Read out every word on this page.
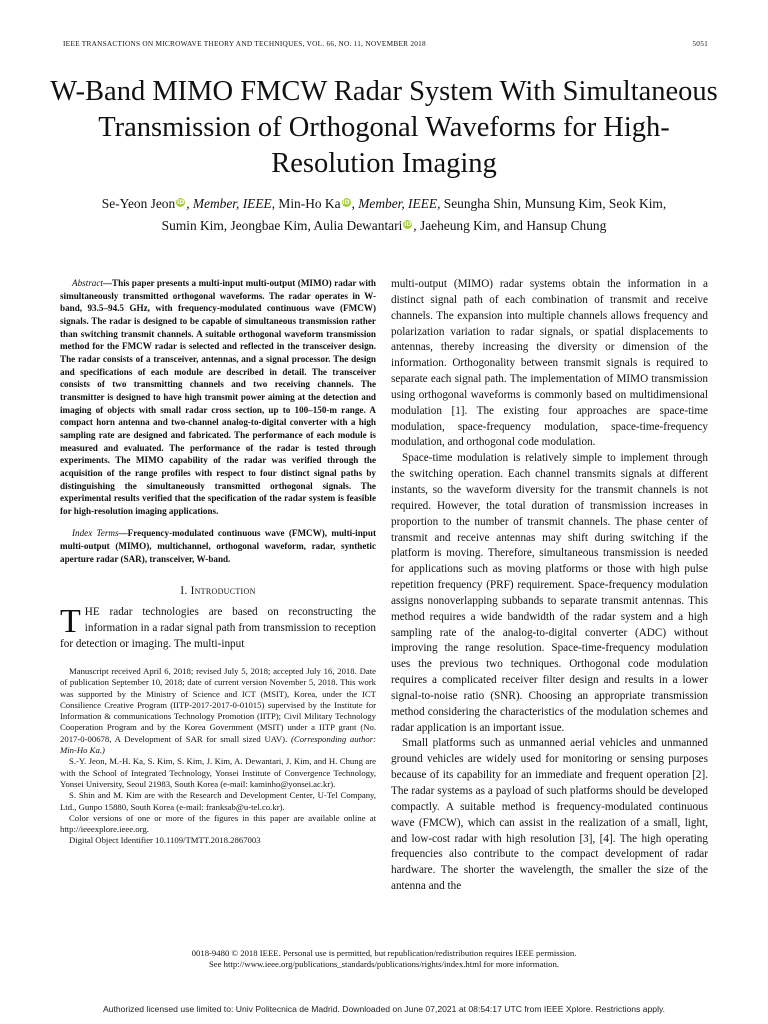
IEEE TRANSACTIONS ON MICROWAVE THEORY AND TECHNIQUES, VOL. 66, NO. 11, NOVEMBER 2018	5051
W-Band MIMO FMCW Radar System With Simultaneous Transmission of Orthogonal Waveforms for High-Resolution Imaging
Se-Yeon Jeon iD , Member, IEEE, Min-Ho Ka iD , Member, IEEE, Seungha Shin, Munsung Kim, Seok Kim,
Sumin Kim, Jeongbae Kim, Aulia Dewantari iD , Jaeheung Kim, and Hansup Chung

Abstract—This paper presents a multi-input multi-output (MIMO) radar with simultaneously transmitted orthogonal waveforms. The radar operates in W-band, 93.5–94.5 GHz, with frequency-modulated continuous wave (FMCW) signals. The radar is designed to be capable of simultaneous transmission rather than switching transmit channels. A suitable orthogonal waveform transmission method for the FMCW radar is selected and reflected in the transceiver design. The radar consists of a transceiver, antennas, and a signal processor. The design and specifications of each module are described in detail. The transceiver consists of two transmitting channels and two receiving channels. The transmitter is designed to have high transmit power aiming at the detection and imaging of objects with small radar cross section, up to 100–150-m range. A compact horn antenna and two-channel analog-to-digital converter with a high sampling rate are designed and fabricated. The performance of each module is measured and evaluated. The performance of the radar is tested through experiments. The MIMO capability of the radar was verified through the acquisition of the range profiles with respect to four distinct signal paths by distinguishing the simultaneously transmitted orthogonal signals. The experimental results verified that the specification of the radar system is feasible for high-resolution imaging applications.

Index Terms—Frequency-modulated continuous wave (FMCW), multi-input multi-output (MIMO), multichannel, orthogonal waveform, radar, synthetic aperture radar (SAR), transceiver, W-band.

I. Introduction

THE radar technologies are based on reconstructing the information in a radar signal path from transmission to reception for detection or imaging. The multi-input

Manuscript received April 6, 2018; revised July 5, 2018; accepted July 16, 2018. Date of publication September 10, 2018; date of current version November 5, 2018. This work was supported by the Ministry of Science and ICT (MSIT), Korea, under the ICT Consilience Creative Program (IITP-2017-2017-0-01015) supervised by the Institute for Information & communications Technology Promotion (IITP); Civil Military Technology Cooperation Program and by the Korea Government (MSIT) under a IITP grant (No. 2017-0-00678, A Development of SAR for small sized UAV). (Corresponding author: Min-Ho Ka.)

S.-Y. Jeon, M.-H. Ka, S. Kim, S. Kim, J. Kim, A. Dewantari, J. Kim, and H. Chung are with the School of Integrated Technology, Yonsei Institute of Convergence Technology, Yonsei University, Seoul 21983, South Korea (e-mail: kaminho@yonsei.ac.kr).

S. Shin and M. Kim are with the Research and Development Center, U-Tel Company, Ltd., Gunpo 15880, South Korea (e-mail: franksab@u-tel.co.kr).

Color versions of one or more of the figures in this paper are available online at http://ieeexplore.ieee.org.

Digital Object Identifier 10.1109/TMTT.2018.2867003

multi-output (MIMO) radar systems obtain the information in a distinct signal path of each combination of transmit and receive channels. The expansion into multiple channels allows frequency and polarization variation to radar signals, or spatial displacements to antennas, thereby increasing the diversity or dimension of the information. Orthogonality between transmit signals is required to separate each signal path. The implementation of MIMO transmission using orthogonal waveforms is commonly based on multidimensional modulation [1]. The existing four approaches are space-time modulation, space-frequency modulation, space-time-frequency modulation, and orthogonal code modulation.

Space-time modulation is relatively simple to implement through the switching operation. Each channel transmits signals at different instants, so the waveform diversity for the transmit channels is not required. However, the total duration of transmission increases in proportion to the number of transmit channels. The phase center of transmit and receive antennas may shift during switching if the platform is moving. Therefore, simultaneous transmission is needed for applications such as moving platforms or those with high pulse repetition frequency (PRF) requirement. Space-frequency modulation assigns nonoverlapping subbands to separate transmit antennas. This method requires a wide bandwidth of the radar system and a high sampling rate of the analog-to-digital converter (ADC) without improving the range resolution. Space-time-frequency modulation uses the previous two techniques. Orthogonal code modulation requires a complicated receiver filter design and results in a lower signal-to-noise ratio (SNR). Choosing an appropriate transmission method considering the characteristics of the modulation schemes and radar application is an important issue.

Small platforms such as unmanned aerial vehicles and unmanned ground vehicles are widely used for monitoring or sensing purposes because of its capability for an immediate and frequent operation [2]. The radar systems as a payload of such platforms should be developed compactly. A suitable method is frequency-modulated continuous wave (FMCW), which can assist in the realization of a small, light, and low-cost radar with high resolution [3], [4]. The high operating frequencies also contribute to the compact development of radar hardware. The shorter the wavelength, the smaller the size of the antenna and the

0018-9480 © 2018 IEEE. Personal use is permitted, but republication/redistribution requires IEEE permission.
See http://www.ieee.org/publications_standards/publications/rights/index.html for more information.
Authorized licensed use limited to: Univ Politecnica de Madrid. Downloaded on June 07,2021 at 08:54:17 UTC from IEEE Xplore. Restrictions apply.
